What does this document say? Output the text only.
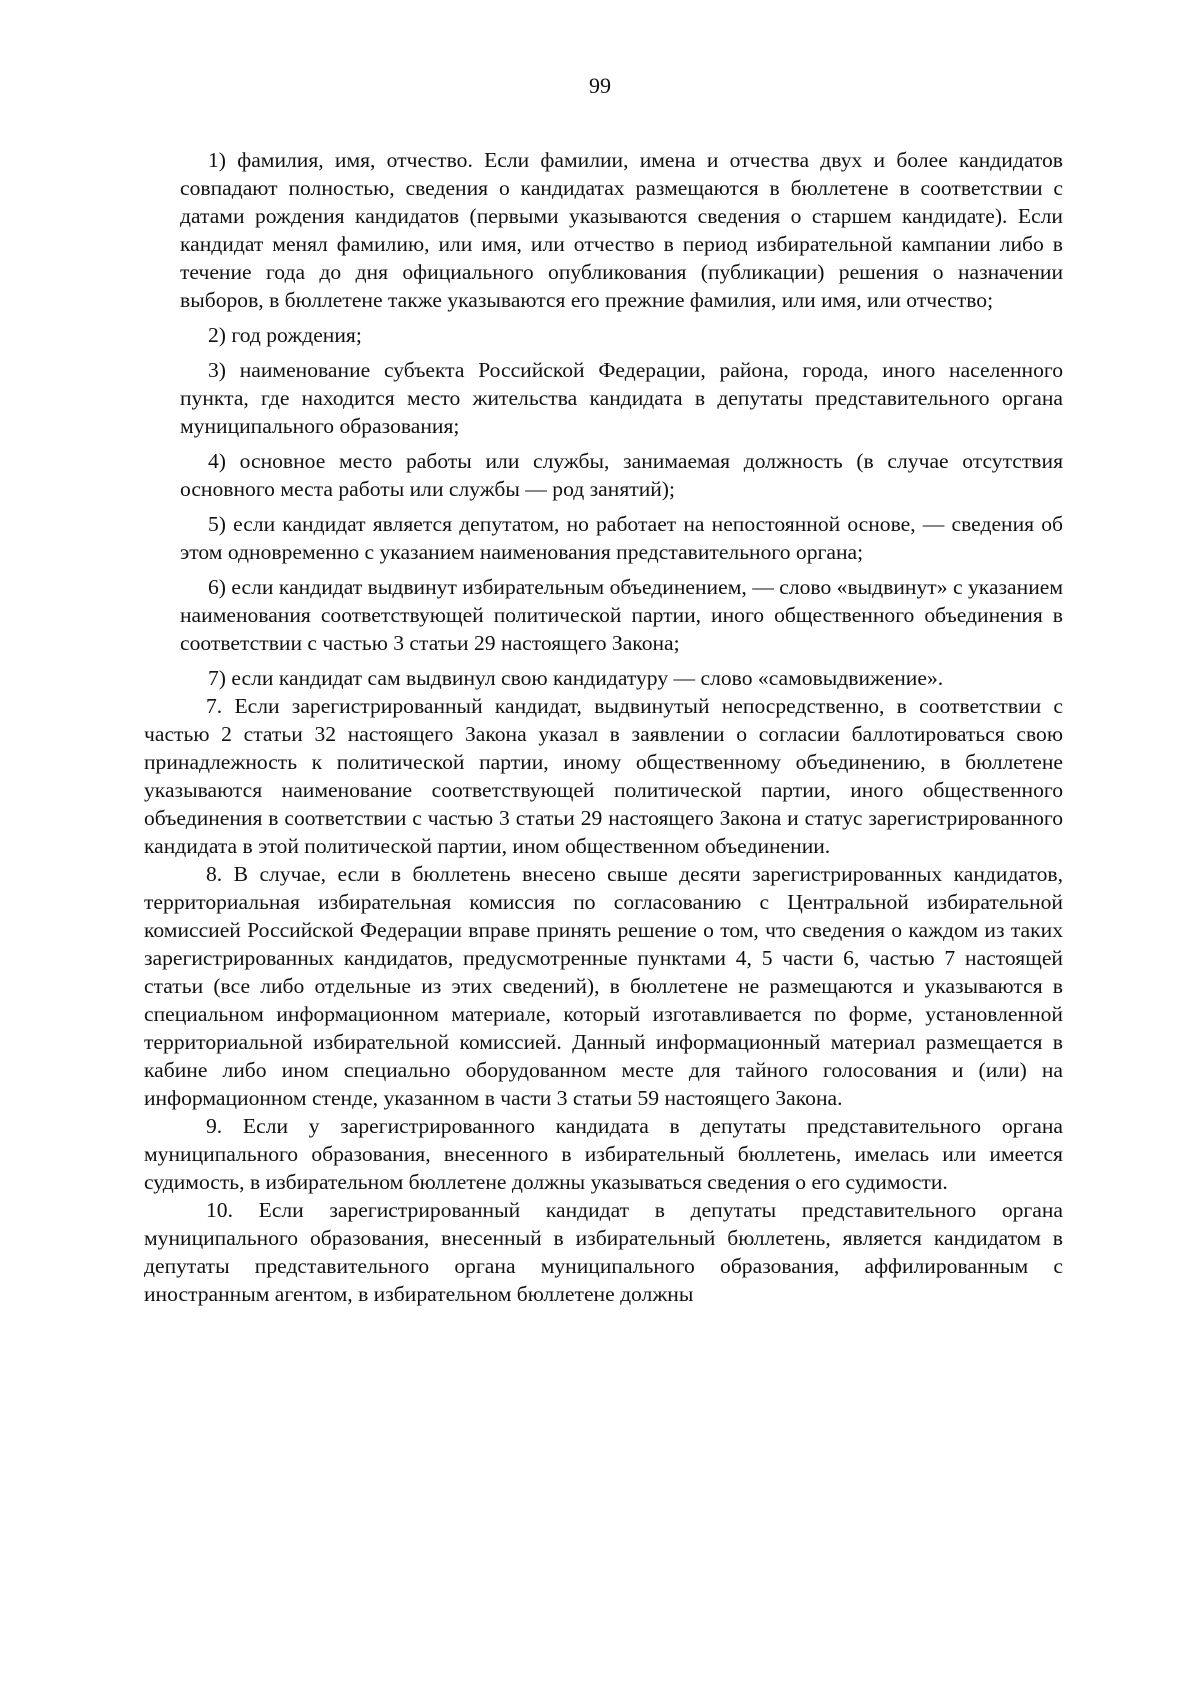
99

1) фамилия, имя, отчество. Если фамилии, имена и отчества двух и более кандидатов совпадают полностью, сведения о кандидатах размещаются в бюллетене в соответствии с датами рождения кандидатов (первыми указываются сведения о старшем кандидате). Если кандидат менял фамилию, или имя, или отчество в период избирательной кампании либо в течение года до дня официального опубликования (публикации) решения о назначении выборов, в бюллетене также указываются его прежние фамилия, или имя, или отчество;

2) год рождения;

3) наименование субъекта Российской Федерации, района, города, иного населенного пункта, где находится место жительства кандидата в депутаты представительного органа муниципального образования;

4) основное место работы или службы, занимаемая должность (в случае отсутствия основного места работы или службы — род занятий);

5) если кандидат является депутатом, но работает на непостоянной основе, — сведения об этом одновременно с указанием наименования представительного органа;

6) если кандидат выдвинут избирательным объединением, — слово «выдвинут» с указанием наименования соответствующей политической партии, иного общественного объединения в соответствии с частью 3 статьи 29 настоящего Закона;

7) если кандидат сам выдвинул свою кандидатуру — слово «самовыдвижение».

7. Если зарегистрированный кандидат, выдвинутый непосредственно, в соответствии с частью 2 статьи 32 настоящего Закона указал в заявлении о согласии баллотироваться свою принадлежность к политической партии, иному общественному объединению, в бюллетене указываются наименование соответствующей политической партии, иного общественного объединения в соответствии с частью 3 статьи 29 настоящего Закона и статус зарегистрированного кандидата в этой политической партии, ином общественном объединении.

8. В случае, если в бюллетень внесено свыше десяти зарегистрированных кандидатов, территориальная избирательная комиссия по согласованию с Центральной избирательной комиссией Российской Федерации вправе принять решение о том, что сведения о каждом из таких зарегистрированных кандидатов, предусмотренные пунктами 4, 5 части 6, частью 7 настоящей статьи (все либо отдельные из этих сведений), в бюллетене не размещаются и указываются в специальном информационном материале, который изготавливается по форме, установленной территориальной избирательной комиссией. Данный информационный материал размещается в кабине либо ином специально оборудованном месте для тайного голосования и (или) на информационном стенде, указанном в части 3 статьи 59 настоящего Закона.

9. Если у зарегистрированного кандидата в депутаты представительного органа муниципального образования, внесенного в избирательный бюллетень, имелась или имеется судимость, в избирательном бюллетене должны указываться сведения о его судимости.

10. Если зарегистрированный кандидат в депутаты представительного органа муниципального образования, внесенный в избирательный бюллетень, является кандидатом в депутаты представительного органа муниципального образования, аффилированным с иностранным агентом, в избирательном бюллетене должны
